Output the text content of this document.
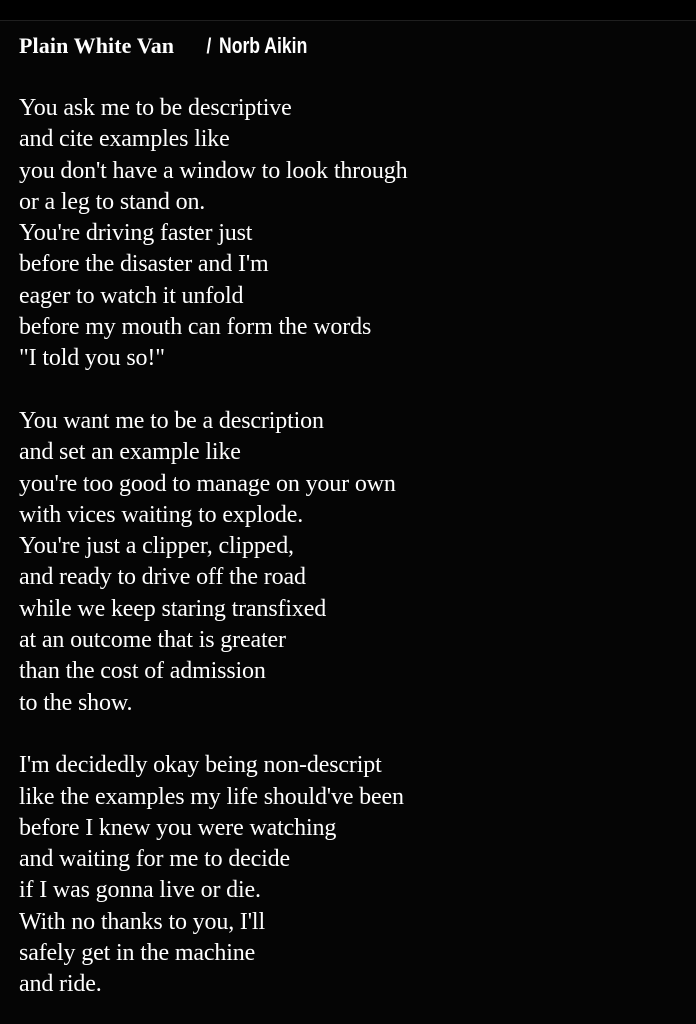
Plain White Van / Norb Aikin
You ask me to be descriptive
and cite examples like
you don't have a window to look through
or a leg to stand on.
You're driving faster just
before the disaster and I'm
eager to watch it unfold
before my mouth can form the words
"I told you so!"
You want me to be a description
and set an example like
you're too good to manage on your own
with vices waiting to explode.
You're just a clipper, clipped,
and ready to drive off the road
while we keep staring transfixed
at an outcome that is greater
than the cost of admission
to the show.
I'm decidedly okay being non-descript
like the examples my life should've been
before I knew you were watching
and waiting for me to decide
if I was gonna live or die.
With no thanks to you, I'll
safely get in the machine
and ride.
